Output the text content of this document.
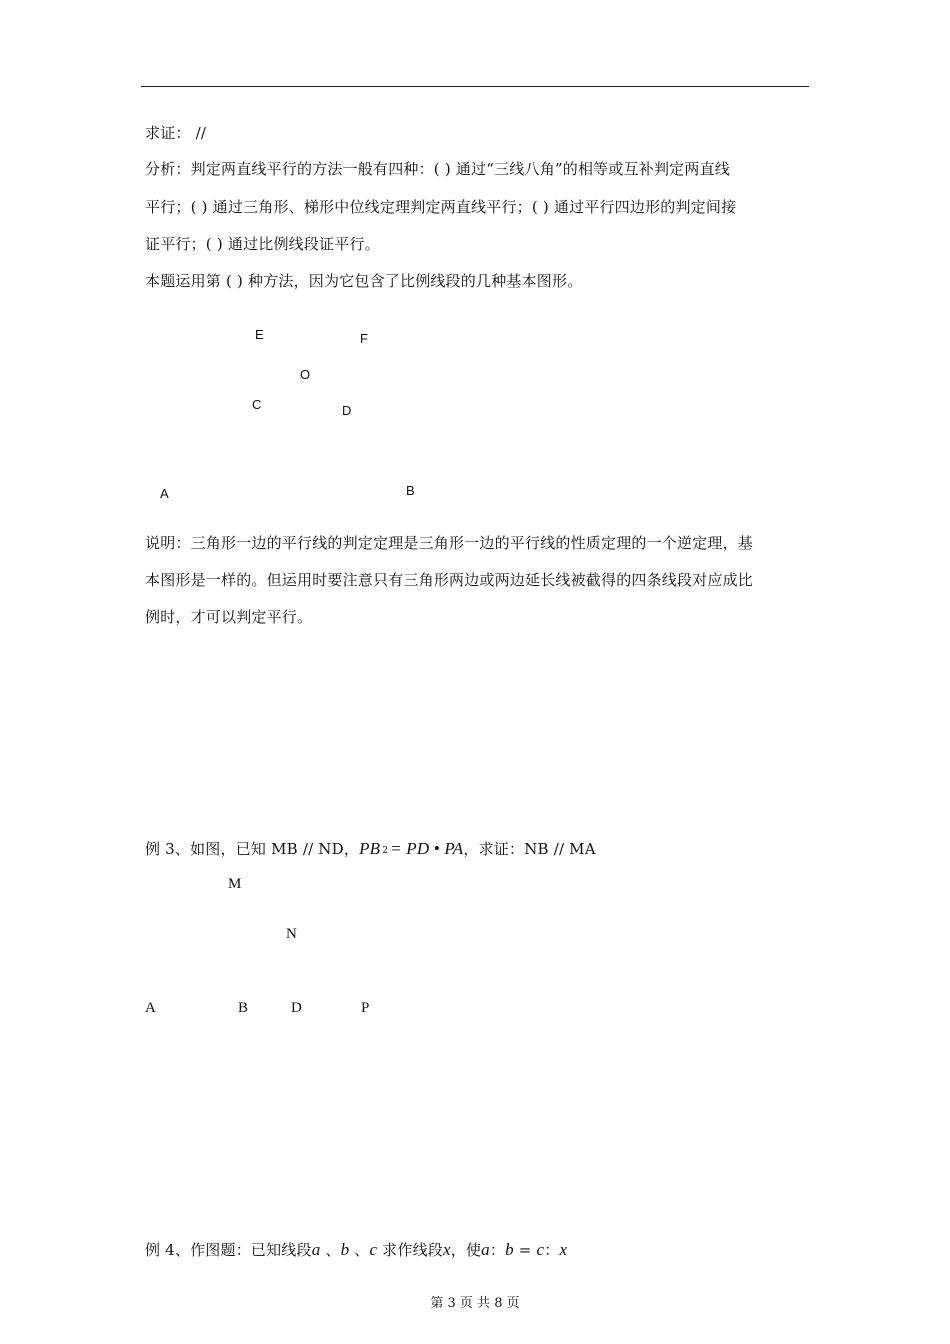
求证： //
分析：判定两直线平行的方法一般有四种：( ) 通过“三线八角”的相等或互补判定两直线
平行；( ) 通过三角形、梯形中位线定理判定两直线平行；( ) 通过平行四边形的判定间接
证平行；( ) 通过比例线段证平行。
本题运用第 ( ) 种方法，因为它包含了比例线段的几种基本图形。
E	F
O
C	D
A	B
说明：三角形一边的平行线的判定定理是三角形一边的平行线的性质定理的一个逆定理，基
本图形是一样的。但运用时要注意只有三角形两边或两边延长线被截得的四条线段对应成比
例时，才可以判定平行。
例 3、如图，已知 MB // ND，PB 2 = PD • PA，求证：NB // MA
M
N
A	B	D	P
例 4、作图题：已知线段a 、b 、c 求作线段x，使a：b = c：x
第 3 页 共 8 页
